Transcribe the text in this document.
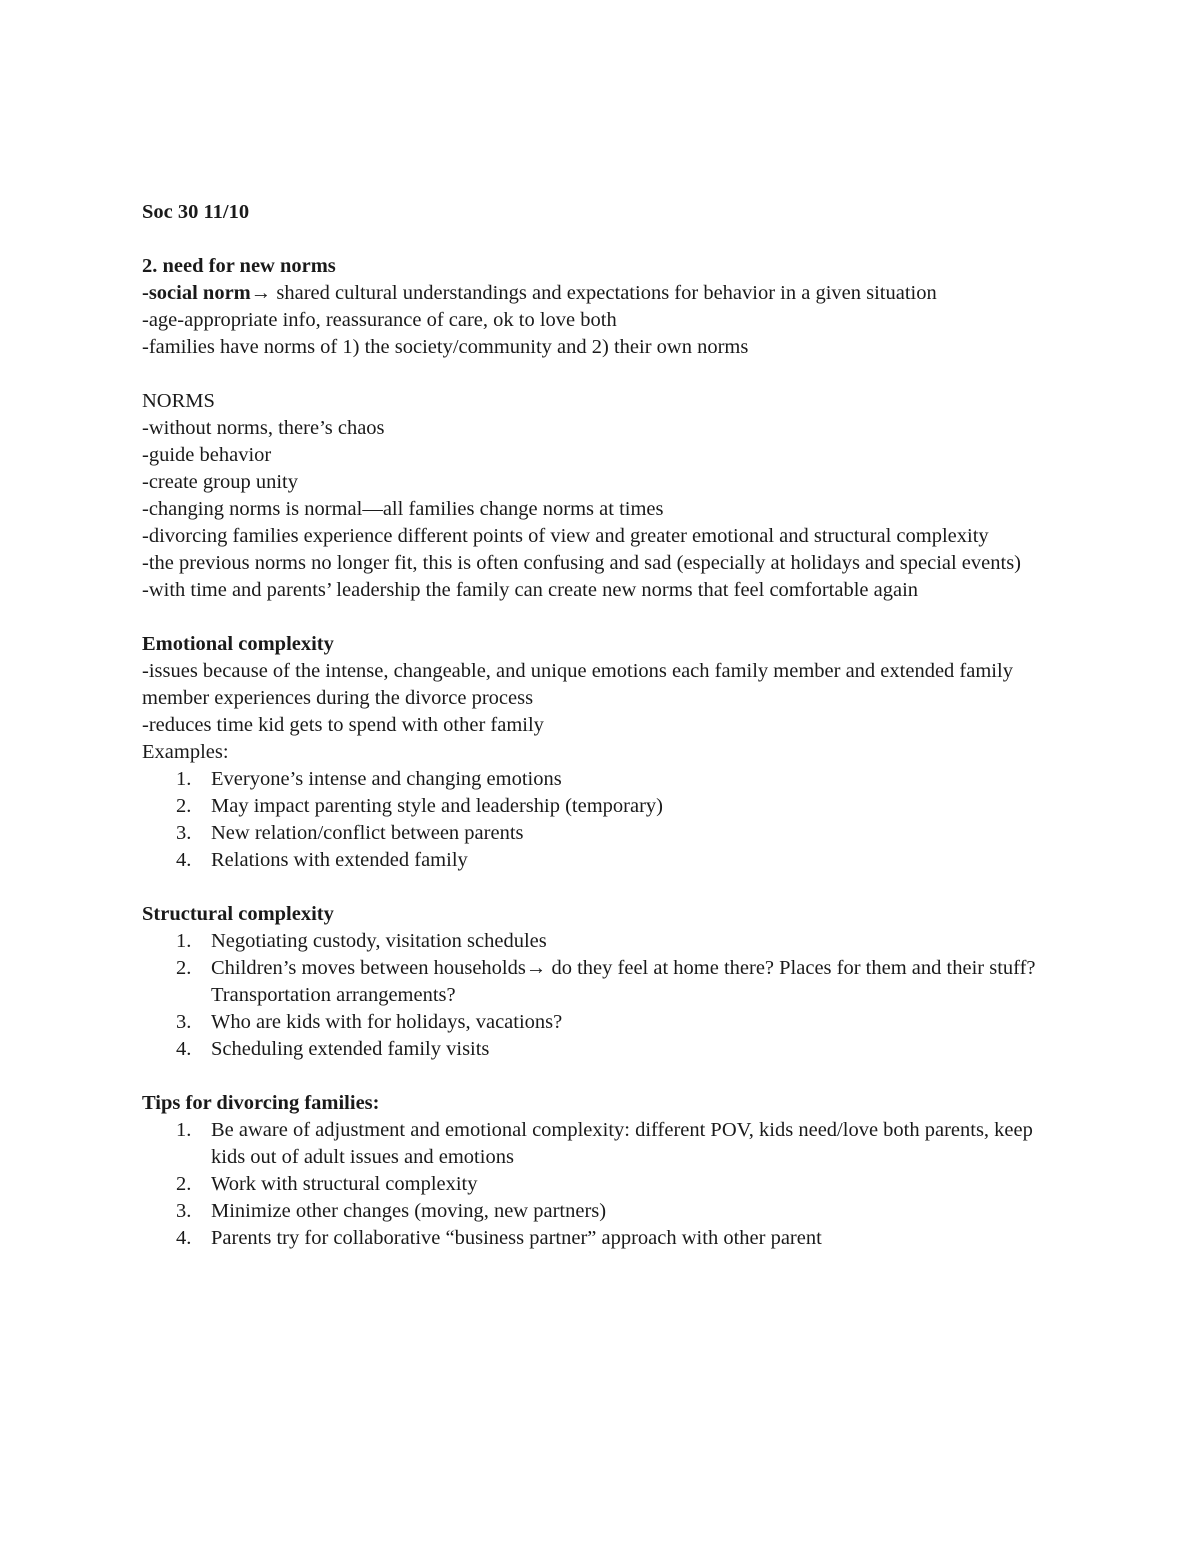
Soc 30 11/10

2. need for new norms

-social norm→ shared cultural understandings and expectations for behavior in a given situation

-age-appropriate info, reassurance of care, ok to love both

-families have norms of 1) the society/community and 2) their own norms

NORMS

-without norms, there’s chaos

-guide behavior

-create group unity

-changing norms is normal—all families change norms at times

-divorcing families experience different points of view and greater emotional and structural complexity

-the previous norms no longer fit, this is often confusing and sad (especially at holidays and special events)

-with time and parents’ leadership the family can create new norms that feel comfortable again

Emotional complexity

-issues because of the intense, changeable, and unique emotions each family member and extended family member experiences during the divorce process

-reduces time kid gets to spend with other family

Examples:

1. Everyone’s intense and changing emotions
2. May impact parenting style and leadership (temporary)
3. New relation/conflict between parents
4. Relations with extended family

Structural complexity

1. Negotiating custody, visitation schedules
2. Children’s moves between households→ do they feel at home there? Places for them and their stuff? Transportation arrangements?
3. Who are kids with for holidays, vacations?
4. Scheduling extended family visits

Tips for divorcing families:

1. Be aware of adjustment and emotional complexity: different POV, kids need/love both parents, keep kids out of adult issues and emotions
2. Work with structural complexity
3. Minimize other changes (moving, new partners)
4. Parents try for collaborative “business partner” approach with other parent
